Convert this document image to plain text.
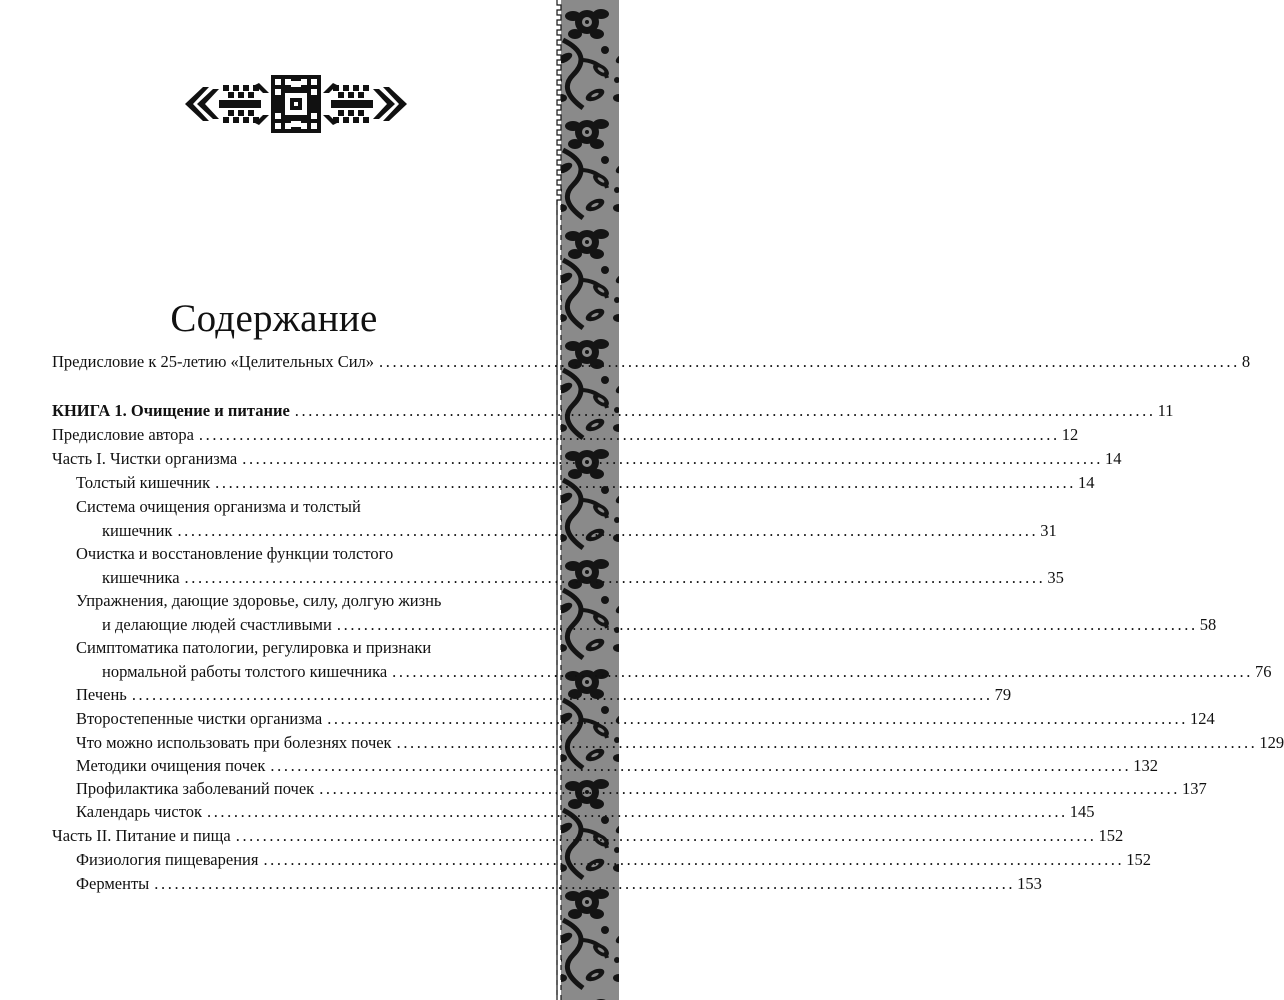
Содержание
Предисловие к 25-летию «Целительных Сил» ................................................................................................................................ 8
КНИГА 1. Очищение и питание ................................................................................................................................ 11
Предисловие автора ................................................................................................................................ 12
Часть I. Чистки организма ................................................................................................................................ 14
Толстый кишечник ................................................................................................................................ 14
Система очищения организма и толстый
кишечник ................................................................................................................................ 31
Очистка и восстановление функции толстого
кишечника ................................................................................................................................ 35
Упражнения, дающие здоровье, силу, долгую жизнь
и делающие людей счастливыми ................................................................................................................................ 58
Симптоматика патологии, регулировка и признаки
нормальной работы толстого кишечника ................................................................................................................................ 76
Печень ................................................................................................................................ 79
Второстепенные чистки организма ................................................................................................................................ 124
Что можно использовать при болезнях почек ................................................................................................................................ 129
Методики очищения почек ................................................................................................................................ 132
Профилактика заболеваний почек ................................................................................................................................ 137
Календарь чисток ................................................................................................................................ 145
Часть II. Питание и пища ................................................................................................................................ 152
Физиология пищеварения ................................................................................................................................ 152
Ферменты ................................................................................................................................ 153
